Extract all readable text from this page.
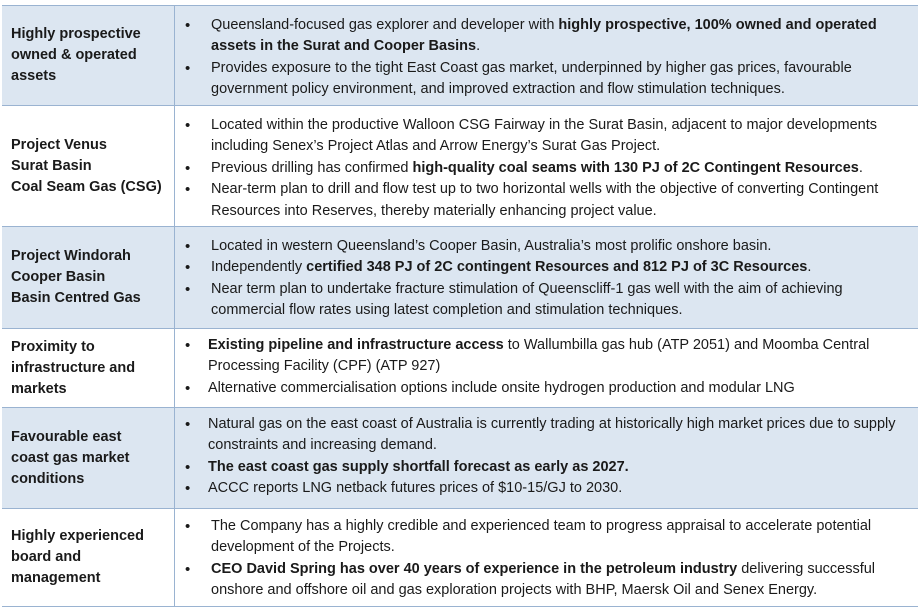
Highly prospective
owned & operated
assets
• Queensland-focused gas explorer and developer with highly prospective, 100% owned and operated assets in the Surat and Cooper Basins.
• Provides exposure to the tight East Coast gas market, underpinned by higher gas prices, favourable government policy environment, and improved extraction and flow stimulation techniques.
Project Venus
Surat Basin
Coal Seam Gas (CSG)
• Located within the productive Walloon CSG Fairway in the Surat Basin, adjacent to major developments including Senex’s Project Atlas and Arrow Energy’s Surat Gas Project.
• Previous drilling has confirmed high-quality coal seams with 130 PJ of 2C Contingent Resources.
• Near-term plan to drill and flow test up to two horizontal wells with the objective of converting Contingent Resources into Reserves, thereby materially enhancing project value.
Project Windorah
Cooper Basin
Basin Centred Gas
• Located in western Queensland’s Cooper Basin, Australia’s most prolific onshore basin.
• Independently certified 348 PJ of 2C contingent Resources and 812 PJ of 3C Resources.
• Near term plan to undertake fracture stimulation of Queenscliff-1 gas well with the aim of achieving commercial flow rates using latest completion and stimulation techniques.
Proximity to
infrastructure and
markets
• Existing pipeline and infrastructure access to Wallumbilla gas hub (ATP 2051) and Moomba Central Processing Facility (CPF) (ATP 927)
• Alternative commercialisation options include onsite hydrogen production and modular LNG
Favourable east
coast gas market
conditions
• Natural gas on the east coast of Australia is currently trading at historically high market prices due to supply constraints and increasing demand.
• The east coast gas supply shortfall forecast as early as 2027.
• ACCC reports LNG netback futures prices of $10-15/GJ to 2030.
Highly experienced
board and
management
• The Company has a highly credible and experienced team to progress appraisal to accelerate potential development of the Projects.
• CEO David Spring has over 40 years of experience in the petroleum industry delivering successful onshore and offshore oil and gas exploration projects with BHP, Maersk Oil and Senex Energy.
